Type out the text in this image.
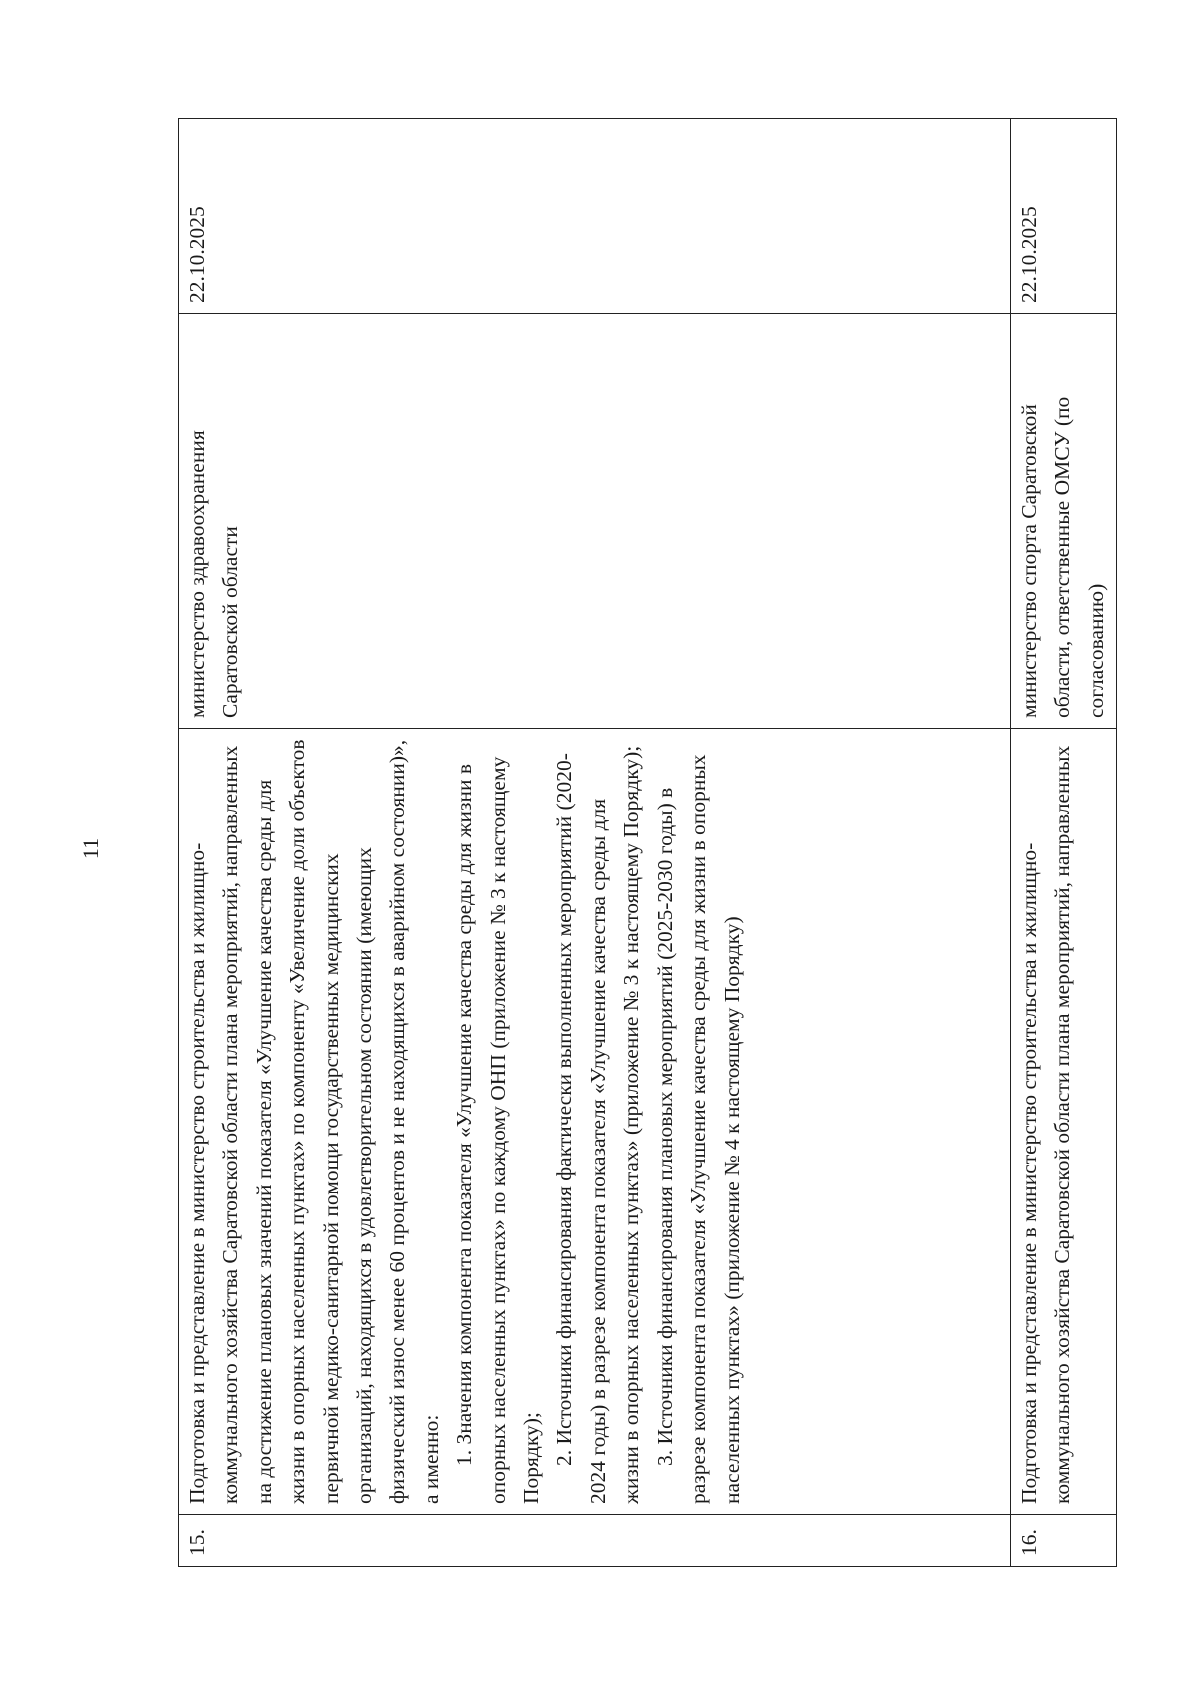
11
15.	Подготовка и представление в министерство строительства и жилищно-коммунального хозяйства Саратовской области плана мероприятий, направленных на достижение плановых значений показателя «Улучшение качества среды для жизни в опорных населенных пунктах» по компоненту «Увеличение доли объектов первичной медико-санитарной помощи государственных медицинских организаций, находящихся в удовлетворительном состоянии (имеющих физический износ менее 60 процентов и не находящихся в аварийном состоянии)», а именно: 1. Значения компонента показателя «Улучшение качества среды для жизни в опорных населенных пунктах» по каждому ОНП (приложение № 3 к настоящему Порядку); 2. Источники финансирования фактически выполненных мероприятий (2020-2024 годы) в разрезе компонента показателя «Улучшение качества среды для жизни в опорных населенных пунктах» (приложение № 3 к настоящему Порядку); 3. Источники финансирования плановых мероприятий (2025-2030 годы) в разрезе компонента показателя «Улучшение качества среды для жизни в опорных населенных пунктах» (приложение № 4 к настоящему Порядку)	министерство здравоохранения Саратовской области	22.10.2025
16.	Подготовка и представление в министерство строительства и жилищно-коммунального хозяйства Саратовской области плана мероприятий, направленных	министерство спорта Саратовской области, ответственные ОМСУ (по согласованию)	22.10.2025
